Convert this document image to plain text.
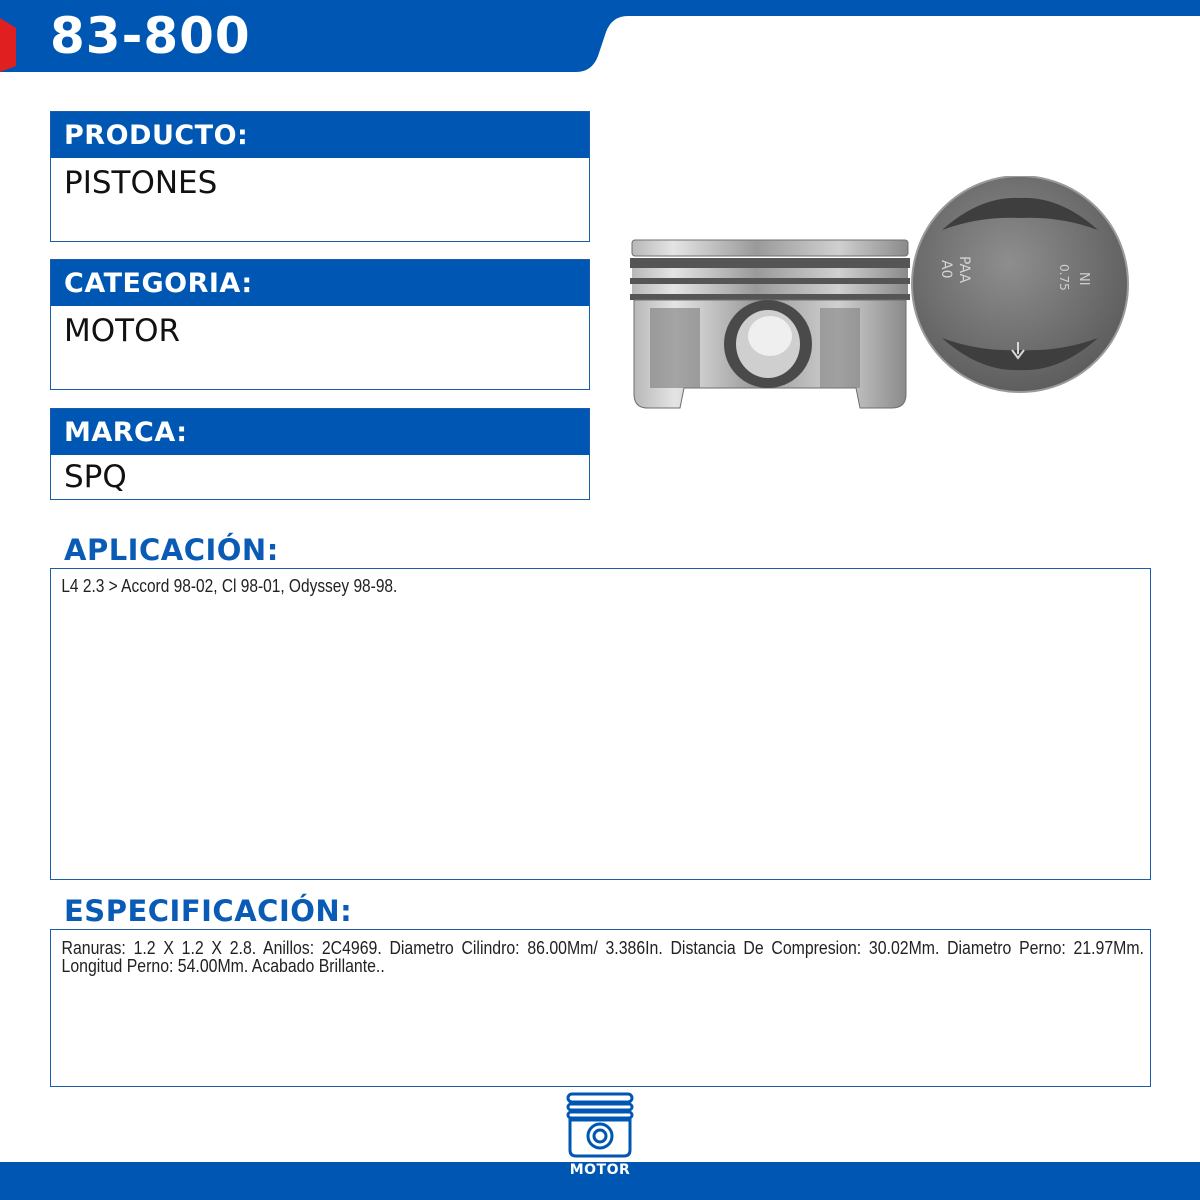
83-800
PRODUCTO:
PISTONES
CATEGORIA:
MOTOR
MARCA:
SPQ
PAA
A0
NI
0.75
APLICACIÓN:
L4 2.3 > Accord 98-02, Cl 98-01, Odyssey 98-98.
ESPECIFICACIÓN:
Ranuras: 1.2 X 1.2 X 2.8. Anillos: 2C4969. Diametro Cilindro: 86.00Mm/ 3.386In. Distancia De Compresion: 30.02Mm. Diametro Perno: 21.97Mm. Longitud Perno: 54.00Mm. Acabado Brillante..
MOTOR
